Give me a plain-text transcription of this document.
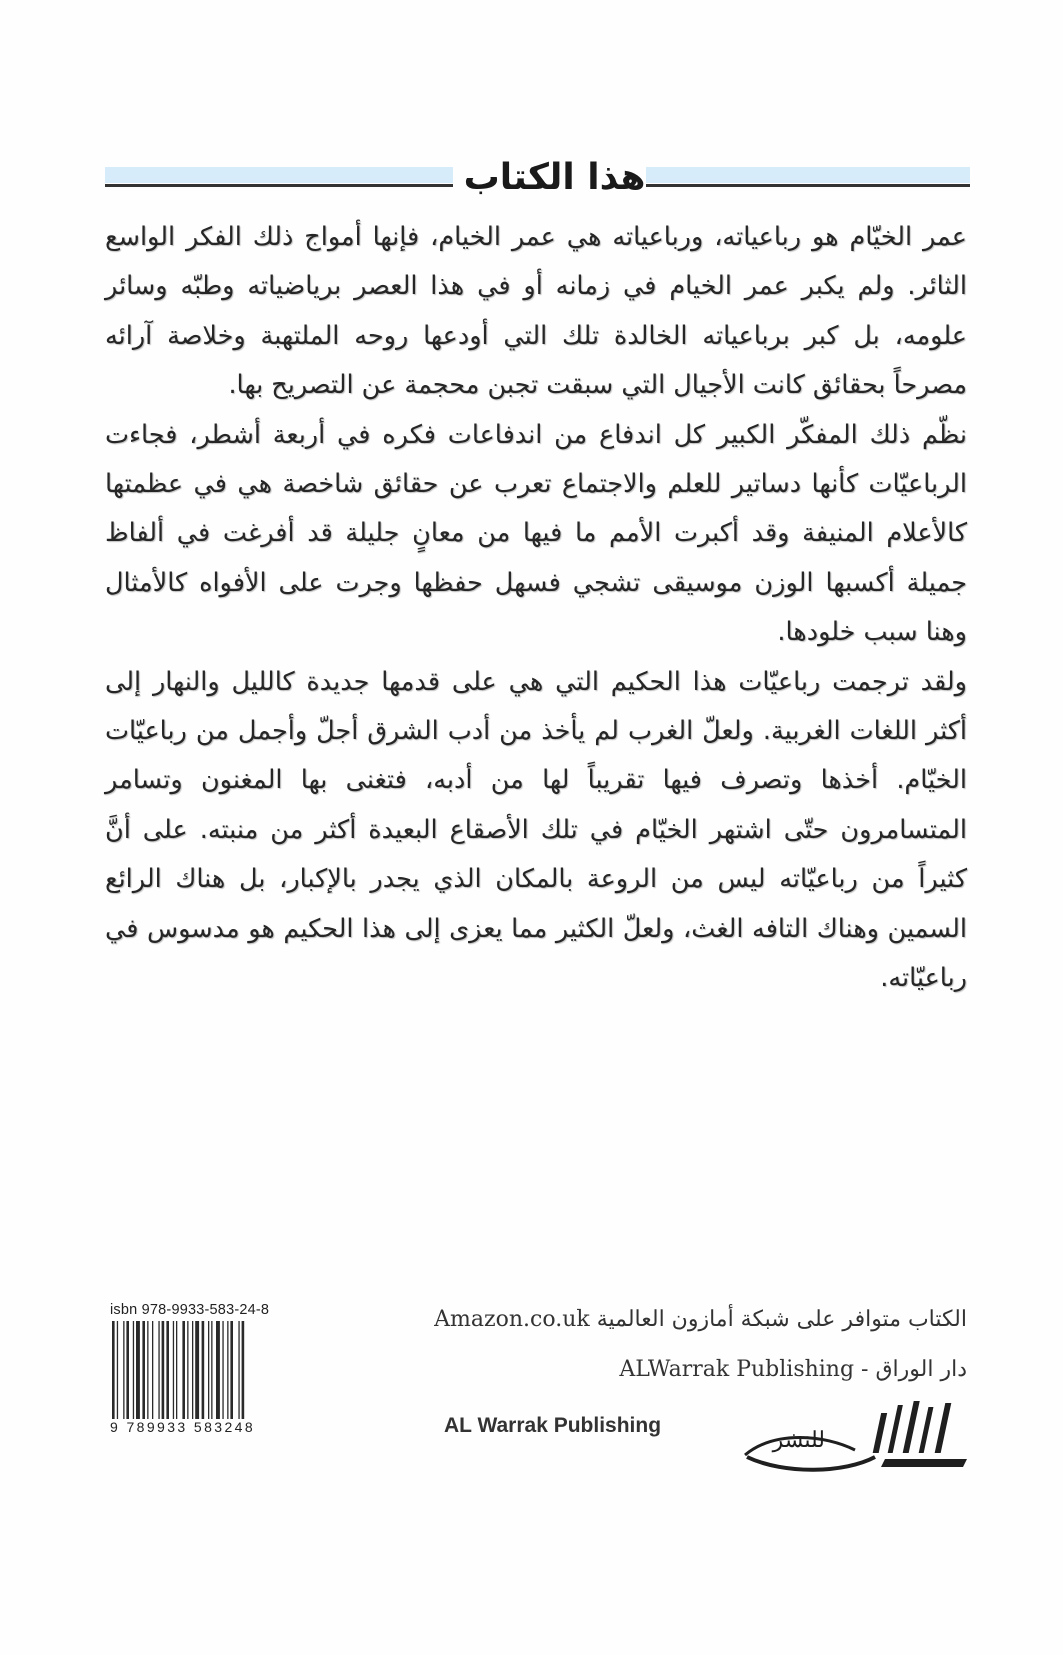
هذا الكتاب

عمر الخيّام هو رباعياته، ورباعياته هي عمر الخيام، فإنها أمواج ذلك الفكر الواسع الثائر. ولم يكبر عمر الخيام في زمانه أو في هذا العصر برياضياته وطبّه وسائر علومه، بل كبر برباعياته الخالدة تلك التي أودعها روحه الملتهبة وخلاصة آرائه مصرحاً بحقائق كانت الأجيال التي سبقت تجبن محجمة عن التصريح بها.

نظّم ذلك المفكّر الكبير كل اندفاع من اندفاعات فكره في أربعة أشطر، فجاءت الرباعيّات كأنها دساتير للعلم والاجتماع تعرب عن حقائق شاخصة هي في عظمتها كالأعلام المنيفة وقد أكبرت الأمم ما فيها من معانٍ جليلة قد أفرغت في ألفاظ جميلة أكسبها الوزن موسيقى تشجي فسهل حفظها وجرت على الأفواه كالأمثال وهنا سبب خلودها.

ولقد ترجمت رباعيّات هذا الحكيم التي هي على قدمها جديدة كالليل والنهار إلى أكثر اللغات الغربية. ولعلّ الغرب لم يأخذ من أدب الشرق أجلّ وأجمل من رباعيّات الخيّام. أخذها وتصرف فيها تقريباً لها من أدبه، فتغنى بها المغنون وتسامر المتسامرون حتّى اشتهر الخيّام في تلك الأصقاع البعيدة أكثر من منبته. على أنَّ كثيراً من رباعيّاته ليس من الروعة بالمكان الذي يجدر بالإكبار، بل هناك الرائع السمين وهناك التافه الغث، ولعلّ الكثير مما يعزى إلى هذا الحكيم هو مدسوس في رباعيّاته.

isbn 978-9933-583-24-8
9 789933 583248
الكتاب متوافر على شبكة أمازون العالمية Amazon.co.uk
دار الوراق - ALWarrak Publishing
للنشر
AL Warrak Publishing
